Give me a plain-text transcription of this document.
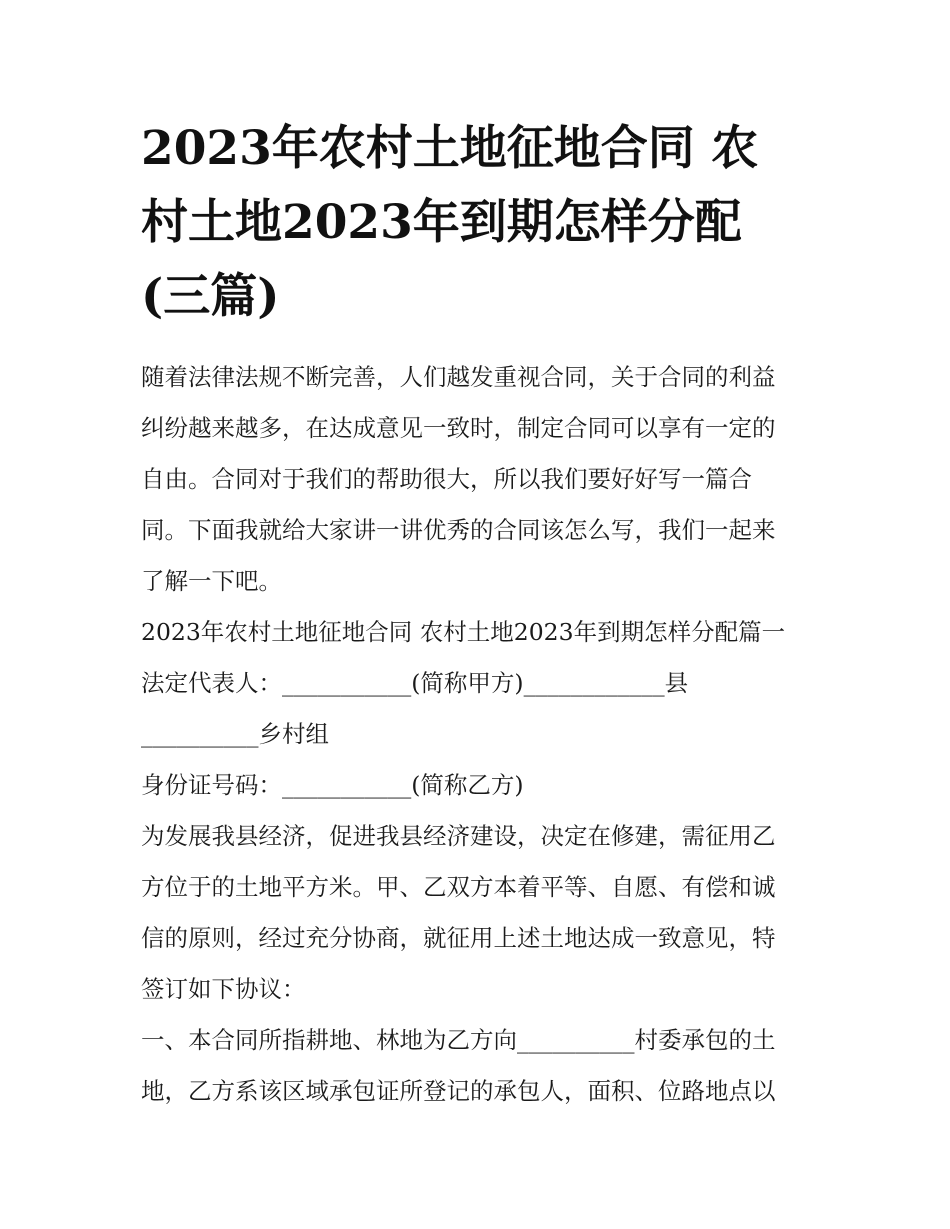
2023年农村土地征地合同 农
村土地2023年到期怎样分配
(三篇)
随着法律法规不断完善，人们越发重视合同，关于合同的利益
纠纷越来越多，在达成意见一致时，制定合同可以享有一定的
自由。合同对于我们的帮助很大，所以我们要好好写一篇合
同。下面我就给大家讲一讲优秀的合同该怎么写，我们一起来
了解一下吧。
2023年农村土地征地合同 农村土地2023年到期怎样分配篇一
法定代表人：___________(简称甲方)____________县
__________乡村组
身份证号码：___________(简称乙方)
为发展我县经济，促进我县经济建设，决定在修建，需征用乙
方位于的土地平方米。甲、乙双方本着平等、自愿、有偿和诚
信的原则，经过充分协商，就征用上述土地达成一致意见，特
签订如下协议：
一、本合同所指耕地、林地为乙方向__________村委承包的土
地，乙方系该区域承包证所登记的承包人，面积、位路地点以
